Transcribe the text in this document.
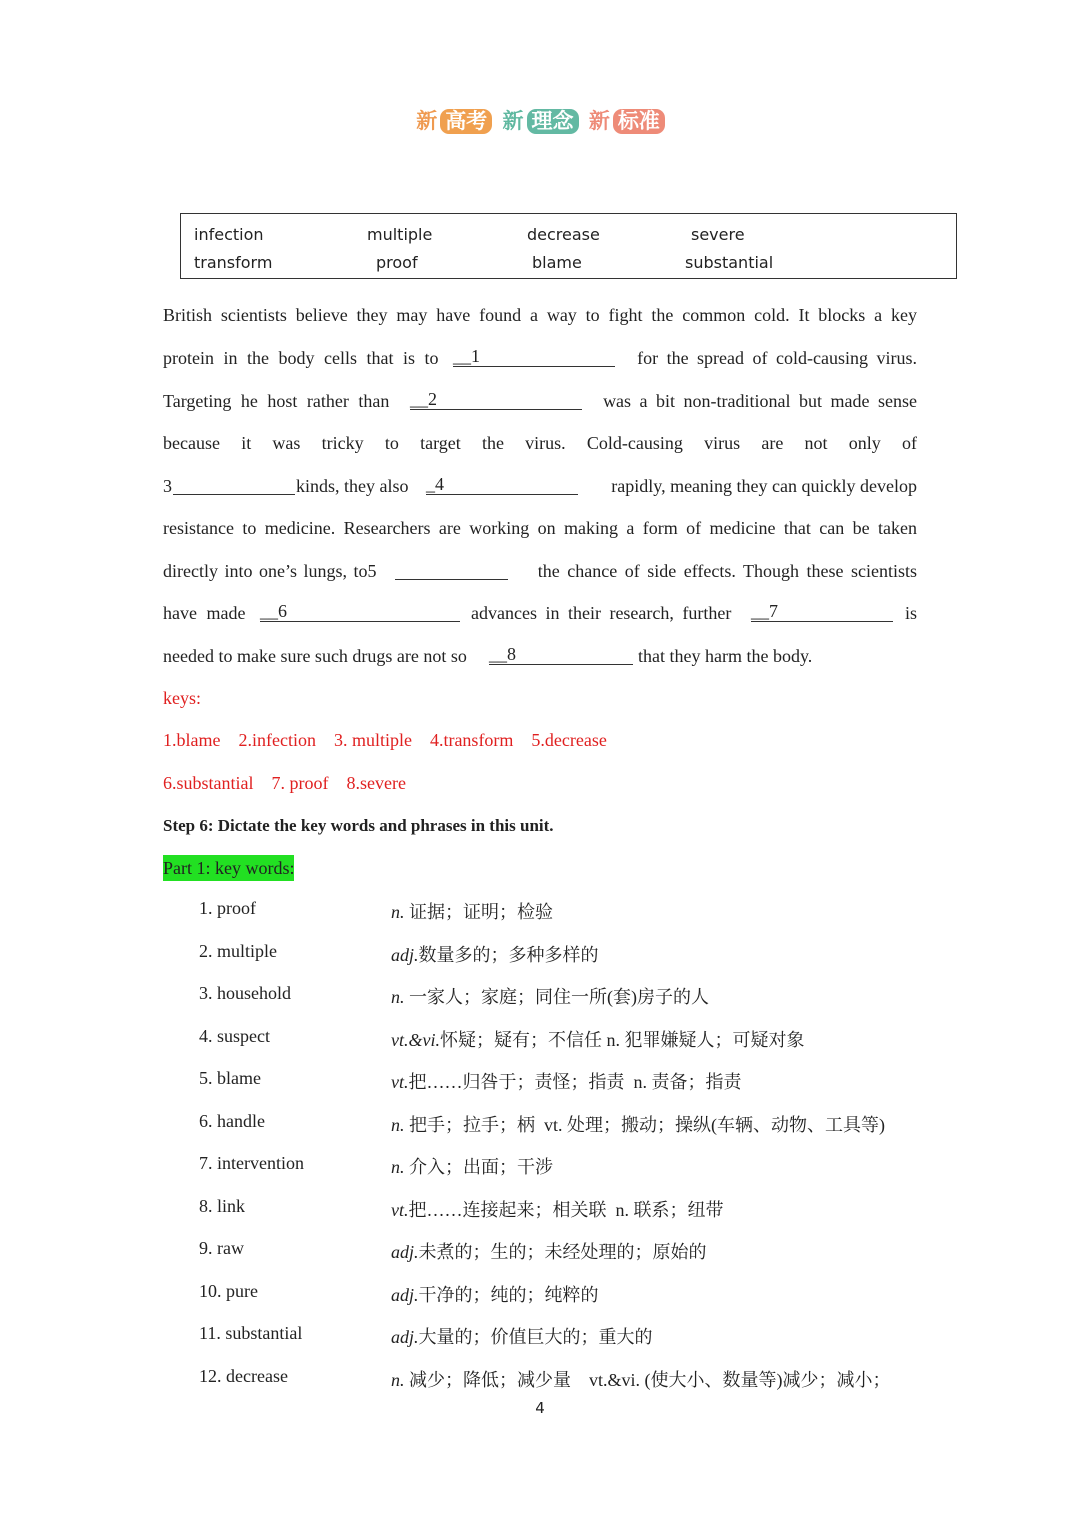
新 高考 新 理念 新 标准
infection	multiple	decrease	severe
transform	proof	blame	substantial
British scientists believe they may have found a way to fight the common cold. It blocks a key
protein in the body cells that is to __1	for the spread of cold-causing virus.
Targeting he host rather than __2	was a bit non-traditional but made sense
because it was tricky to target the virus. Cold-causing virus are not only of
3
	kinds, they also _4	rapidly, meaning they can quickly develop
resistance to medicine. Researchers are working on making a form of medicine that can be taken
directly into one’s lungs, to5
	the chance of side effects. Though these scientists
have made __6	advances in their research, further __7	is
needed to make sure such drugs are not so __8	that they harm the body.
keys:
1.blame    2.infection    3. multiple    4.transform    5.decrease
6.substantial    7. proof    8.severe
Step 6: Dictate the key words and phrases in this unit.
Part 1: key words:
1. proof	n. 证据；证明；检验
2. multiple	adj.数量多的；多种多样的
3. household	n. 一家人；家庭；同住一所(套)房子的人
4. suspect	vt.&vi.怀疑；疑有；不信任 n. 犯罪嫌疑人；可疑对象
5. blame	vt.把……归咎于；责怪；指责  n. 责备；指责
6. handle	n. 把手；拉手；柄  vt. 处理；搬动；操纵(车辆、动物、工具等)
7. intervention	n. 介入；出面；干涉
8. link	vt.把……连接起来；相关联  n. 联系；纽带
9. raw	adj.未煮的；生的；未经处理的；原始的
10. pure	adj.干净的；纯的；纯粹的
11. substantial	adj.大量的；价值巨大的；重大的
12. decrease	n. 减少；降低；减少量    vt.&vi. (使大小、数量等)减少；减小；
4
